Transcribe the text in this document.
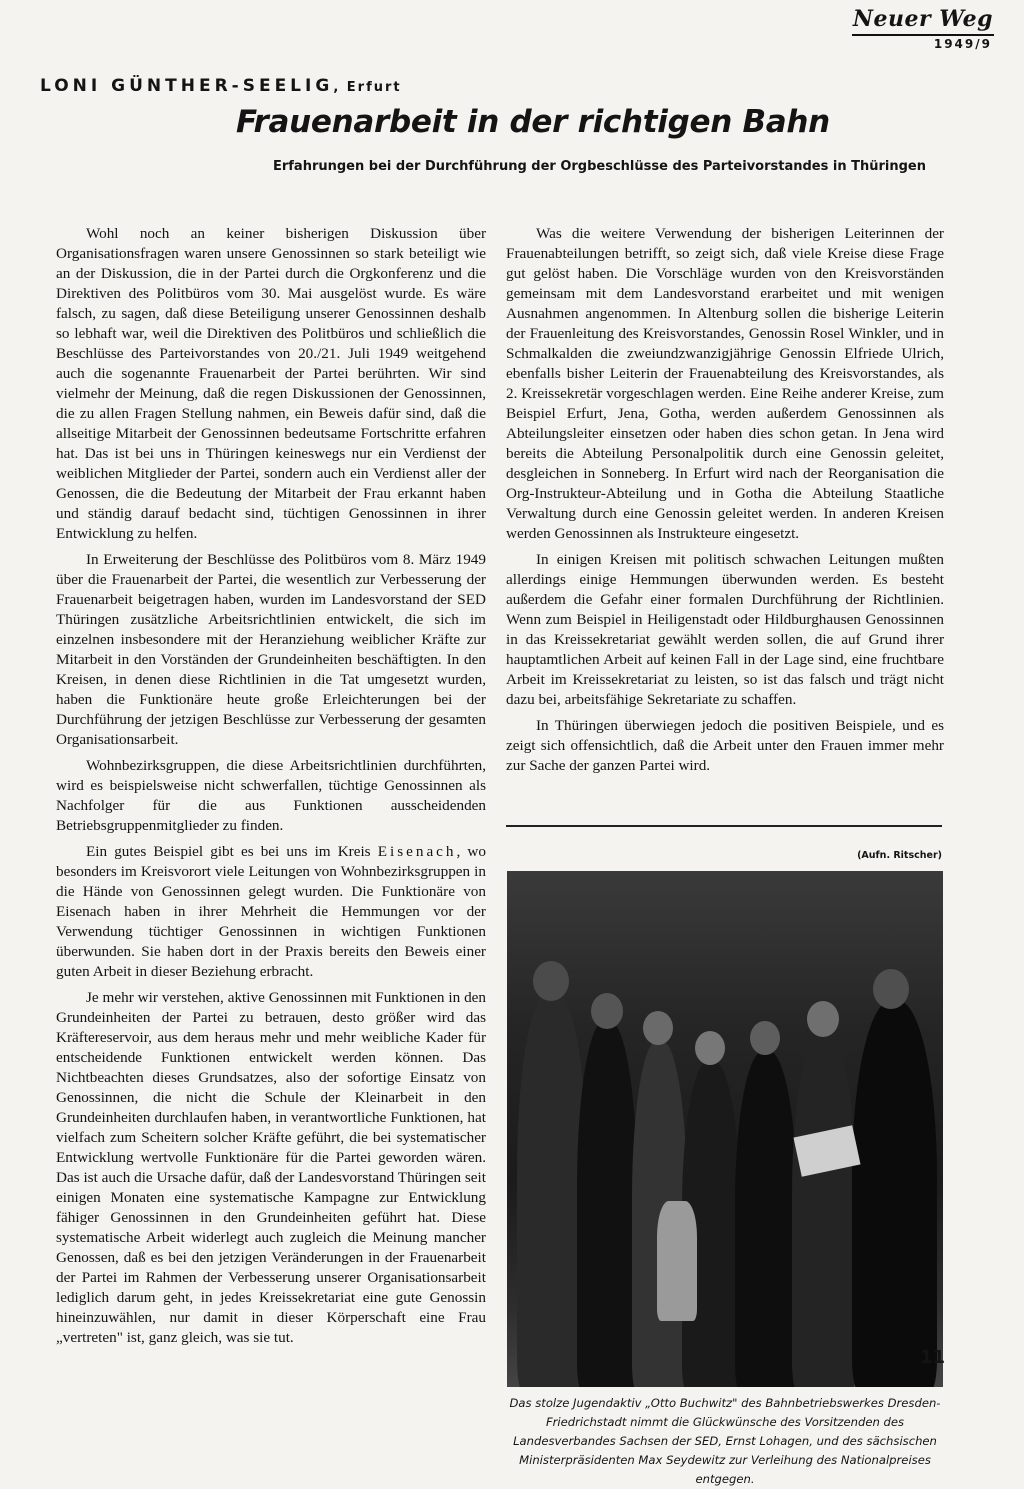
Neuer Weg
1949/9
LONI GÜNTHER-SEELIG, Erfurt
Frauenarbeit in der richtigen Bahn
Erfahrungen bei der Durchführung der Orgbeschlüsse des Parteivorstandes in Thüringen

Wohl noch an keiner bisherigen Diskussion über Organisationsfragen waren unsere Genossinnen so stark beteiligt wie an der Diskussion, die in der Partei durch die Orgkonferenz und die Direktiven des Politbüros vom 30. Mai ausgelöst wurde. Es wäre falsch, zu sagen, daß diese Beteiligung unserer Genossinnen deshalb so lebhaft war, weil die Direktiven des Politbüros und schließlich die Beschlüsse des Parteivorstandes von 20./21. Juli 1949 weitgehend auch die sogenannte Frauenarbeit der Partei berührten. Wir sind vielmehr der Meinung, daß die regen Diskussionen der Genossinnen, die zu allen Fragen Stellung nahmen, ein Beweis dafür sind, daß die allseitige Mitarbeit der Genossinnen bedeutsame Fortschritte erfahren hat. Das ist bei uns in Thüringen keineswegs nur ein Verdienst der weiblichen Mitglieder der Partei, sondern auch ein Verdienst aller der Genossen, die die Bedeutung der Mitarbeit der Frau erkannt haben und ständig darauf bedacht sind, tüchtigen Genossinnen in ihrer Entwicklung zu helfen.

In Erweiterung der Beschlüsse des Politbüros vom 8. März 1949 über die Frauenarbeit der Partei, die wesentlich zur Verbesserung der Frauenarbeit beigetragen haben, wurden im Landesvorstand der SED Thüringen zusätzliche Arbeitsrichtlinien entwickelt, die sich im einzelnen insbesondere mit der Heranziehung weiblicher Kräfte zur Mitarbeit in den Vorständen der Grundeinheiten beschäftigten. In den Kreisen, in denen diese Richtlinien in die Tat umgesetzt wurden, haben die Funktionäre heute große Erleichterungen bei der Durchführung der jetzigen Beschlüsse zur Verbesserung der gesamten Organisationsarbeit.

Wohnbezirksgruppen, die diese Arbeitsrichtlinien durchführten, wird es beispielsweise nicht schwerfallen, tüchtige Genossinnen als Nachfolger für die aus Funktionen ausscheidenden Betriebsgruppenmitglieder zu finden.

Ein gutes Beispiel gibt es bei uns im Kreis Eisenach, wo besonders im Kreisvorort viele Leitungen von Wohnbezirksgruppen in die Hände von Genossinnen gelegt wurden. Die Funktionäre von Eisenach haben in ihrer Mehrheit die Hemmungen vor der Verwendung tüchtiger Genossinnen in wichtigen Funktionen überwunden. Sie haben dort in der Praxis bereits den Beweis einer guten Arbeit in dieser Beziehung erbracht.

Je mehr wir verstehen, aktive Genossinnen mit Funktionen in den Grundeinheiten der Partei zu betrauen, desto größer wird das Kräftereservoir, aus dem heraus mehr und mehr weibliche Kader für entscheidende Funktionen entwickelt werden können. Das Nichtbeachten dieses Grundsatzes, also der sofortige Einsatz von Genossinnen, die nicht die Schule der Kleinarbeit in den Grundeinheiten durchlaufen haben, in verantwortliche Funktionen, hat vielfach zum Scheitern solcher Kräfte geführt, die bei systematischer Entwicklung wertvolle Funktionäre für die Partei geworden wären. Das ist auch die Ursache dafür, daß der Landesvorstand Thüringen seit einigen Monaten eine systematische Kampagne zur Entwicklung fähiger Genossinnen in den Grundeinheiten geführt hat. Diese systematische Arbeit widerlegt auch zugleich die Meinung mancher Genossen, daß es bei den jetzigen Veränderungen in der Frauenarbeit der Partei im Rahmen der Verbesserung unserer Organisationsarbeit lediglich darum geht, in jedes Kreissekretariat eine gute Genossin hineinzuwählen, nur damit in dieser Körperschaft eine Frau „vertreten" ist, ganz gleich, was sie tut.

Was die weitere Verwendung der bisherigen Leiterinnen der Frauenabteilungen betrifft, so zeigt sich, daß viele Kreise diese Frage gut gelöst haben. Die Vorschläge wurden von den Kreisvorständen gemeinsam mit dem Landesvorstand erarbeitet und mit wenigen Ausnahmen angenommen. In Altenburg sollen die bisherige Leiterin der Frauenleitung des Kreisvorstandes, Genossin Rosel Winkler, und in Schmalkalden die zweiundzwanzigjährige Genossin Elfriede Ulrich, ebenfalls bisher Leiterin der Frauenabteilung des Kreisvorstandes, als 2. Kreissekretär vorgeschlagen werden. Eine Reihe anderer Kreise, zum Beispiel Erfurt, Jena, Gotha, werden außerdem Genossinnen als Abteilungsleiter einsetzen oder haben dies schon getan. In Jena wird bereits die Abteilung Personalpolitik durch eine Genossin geleitet, desgleichen in Sonneberg. In Erfurt wird nach der Reorganisation die Org-Instrukteur-Abteilung und in Gotha die Abteilung Staatliche Verwaltung durch eine Genossin geleitet werden. In anderen Kreisen werden Genossinnen als Instrukteure eingesetzt.

In einigen Kreisen mit politisch schwachen Leitungen mußten allerdings einige Hemmungen überwunden werden. Es besteht außerdem die Gefahr einer formalen Durchführung der Richtlinien. Wenn zum Beispiel in Heiligenstadt oder Hildburghausen Genossinnen in das Kreissekretariat gewählt werden sollen, die auf Grund ihrer hauptamtlichen Arbeit auf keinen Fall in der Lage sind, eine fruchtbare Arbeit im Kreissekretariat zu leisten, so ist das falsch und trägt nicht dazu bei, arbeitsfähige Sekretariate zu schaffen.

In Thüringen überwiegen jedoch die positiven Beispiele, und es zeigt sich offensichtlich, daß die Arbeit unter den Frauen immer mehr zur Sache der ganzen Partei wird.

(Aufn. Ritscher)
Das stolze Jugendaktiv „Otto Buchwitz" des Bahnbetriebswerkes Dresden-Friedrichstadt nimmt die Glückwünsche des Vorsitzenden des Landesverbandes Sachsen der SED, Ernst Lohagen, und des sächsischen Ministerpräsidenten Max Seydewitz zur Verleihung des Nationalpreises entgegen.
11
